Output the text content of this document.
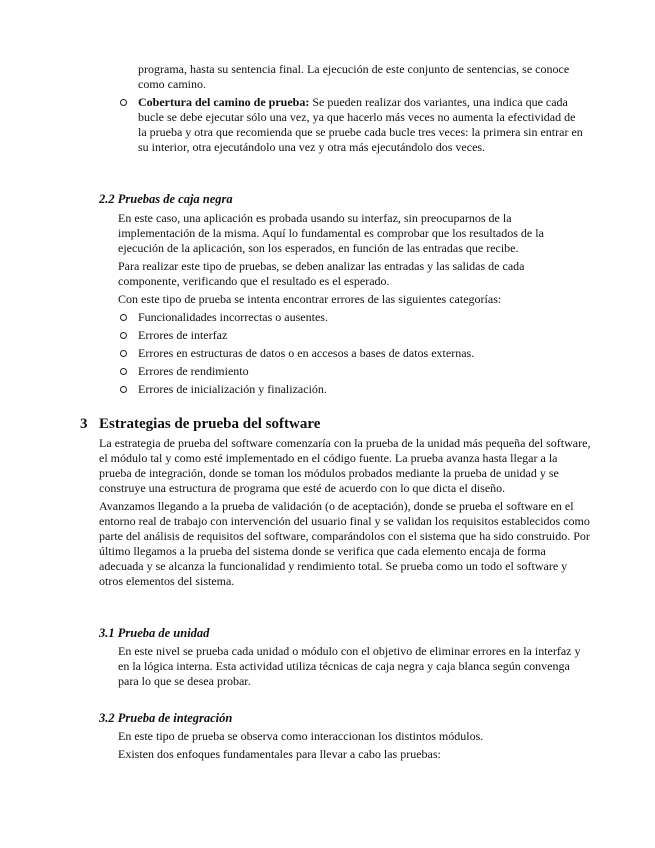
programa, hasta su sentencia final. La ejecución de este conjunto de sentencias, se conoce como camino.

Cobertura del camino de prueba: Se pueden realizar dos variantes, una indica que cada bucle se debe ejecutar sólo una vez, ya que hacerlo más veces no aumenta la efectividad de la prueba y otra que recomienda que se pruebe cada bucle tres veces: la primera sin entrar en su interior, otra ejecutándolo una vez y otra más ejecutándolo dos veces.

2.2 Pruebas de caja negra

En este caso, una aplicación es probada usando su interfaz, sin preocuparnos de la implementación de la misma. Aquí lo fundamental es comprobar que los resultados de la ejecución de la aplicación, son los esperados, en función de las entradas que recibe.

Para realizar este tipo de pruebas, se deben analizar las entradas y las salidas de cada componente, verificando que el resultado es el esperado.

Con este tipo de prueba se intenta encontrar errores de las siguientes categorías:

Funcionalidades incorrectas o ausentes.
Errores de interfaz
Errores en estructuras de datos o en accesos a bases de datos externas.
Errores de rendimiento
Errores de inicialización y finalización.

3 Estrategias de prueba del software

La estrategia de prueba del software comenzaría con la prueba de la unidad más pequeña del software, el módulo tal y como esté implementado en el código fuente. La prueba avanza hasta llegar a la prueba de integración, donde se toman los módulos probados mediante la prueba de unidad y se construye una estructura de programa que esté de acuerdo con lo que dicta el diseño.

Avanzamos llegando a la prueba de validación (o de aceptación), donde se prueba el software en el entorno real de trabajo con intervención del usuario final y se validan los requisitos establecidos como parte del análisis de requisitos del software, comparándolos con el sistema que ha sido construido. Por último llegamos a la prueba del sistema donde se verifica que cada elemento encaja de forma adecuada y se alcanza la funcionalidad y rendimiento total. Se prueba como un todo el software y otros elementos del sistema.

3.1 Prueba de unidad

En este nivel se prueba cada unidad o módulo con el objetivo de eliminar errores en la interfaz y en la lógica interna. Esta actividad utiliza técnicas de caja negra y caja blanca según convenga para lo que se desea probar.

3.2 Prueba de integración

En este tipo de prueba se observa como interaccionan los distintos módulos.

Existen dos enfoques fundamentales para llevar a cabo las pruebas:
